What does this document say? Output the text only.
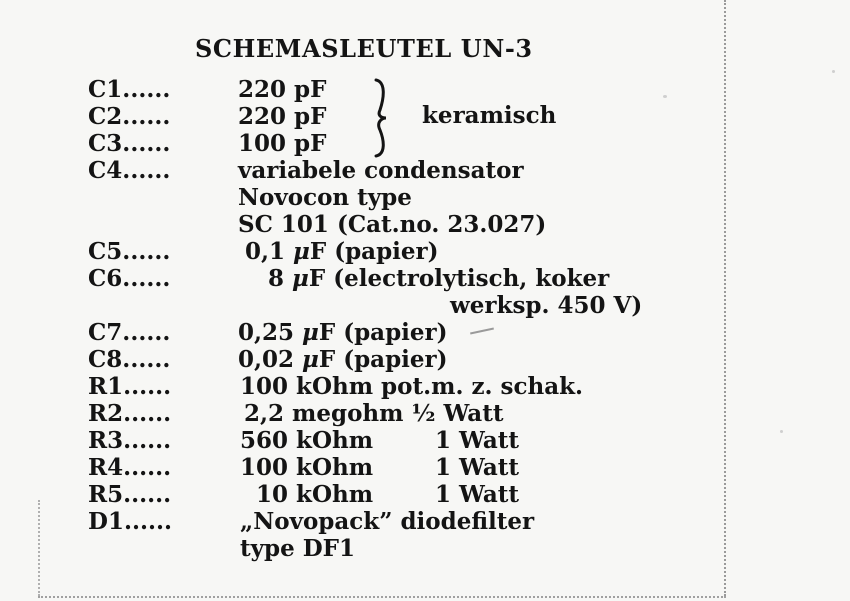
SCHEMASLEUTEL UN-3
C1......	220 pF
C2......	220 pF
C3......	100 pF
keramisch
C4......	variabele condensator
Novocon type
SC 101 (Cat.no. 23.027)
C5......	0,1 μF (papier)
C6......	8 μF (electrolytisch, koker
werksp. 450 V)
C7......	0,25 μF (papier)
C8......	0,02 μF (papier)
R1......	100 kOhm pot.m. z. schak.
R2......	2,2 megohm ½ Watt
R3......	560 kOhm	1 Watt
R4......	100 kOhm	1 Watt
R5......	10 kOhm	1 Watt
D1......	„Novopack” diodefilter
type DF1
